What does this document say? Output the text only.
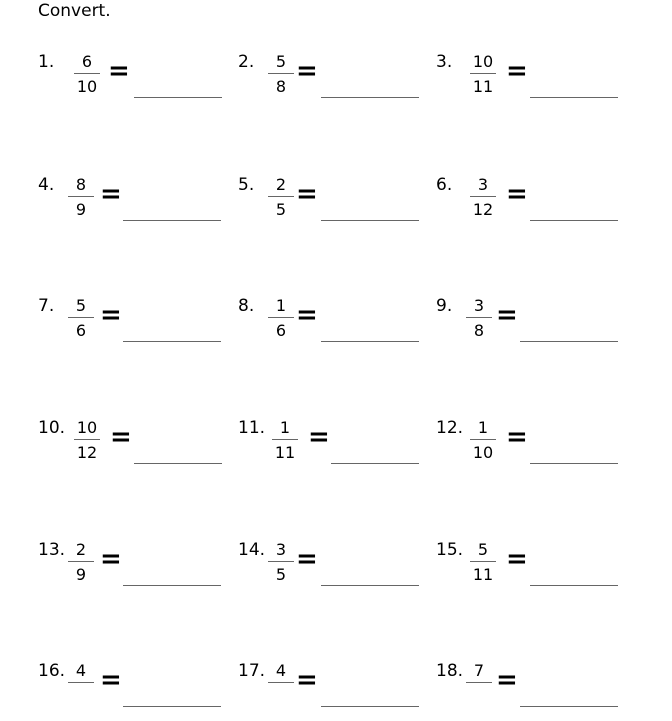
Convert.
1.	6
10
=	2.	5
8
=	3. 10
11
=
4.	8
9
=	5.	2
5
=	6.	3
12
=
7.	5
6
=	8.	1
6
=	9.	3
8
=
10. 10
12
=	11. 1
11
=	12. 1
10
=
13. 2
9
=	14. 3
5
=	15. 5
11
=
16. 4 =	17. 4 =	18. 7 =
